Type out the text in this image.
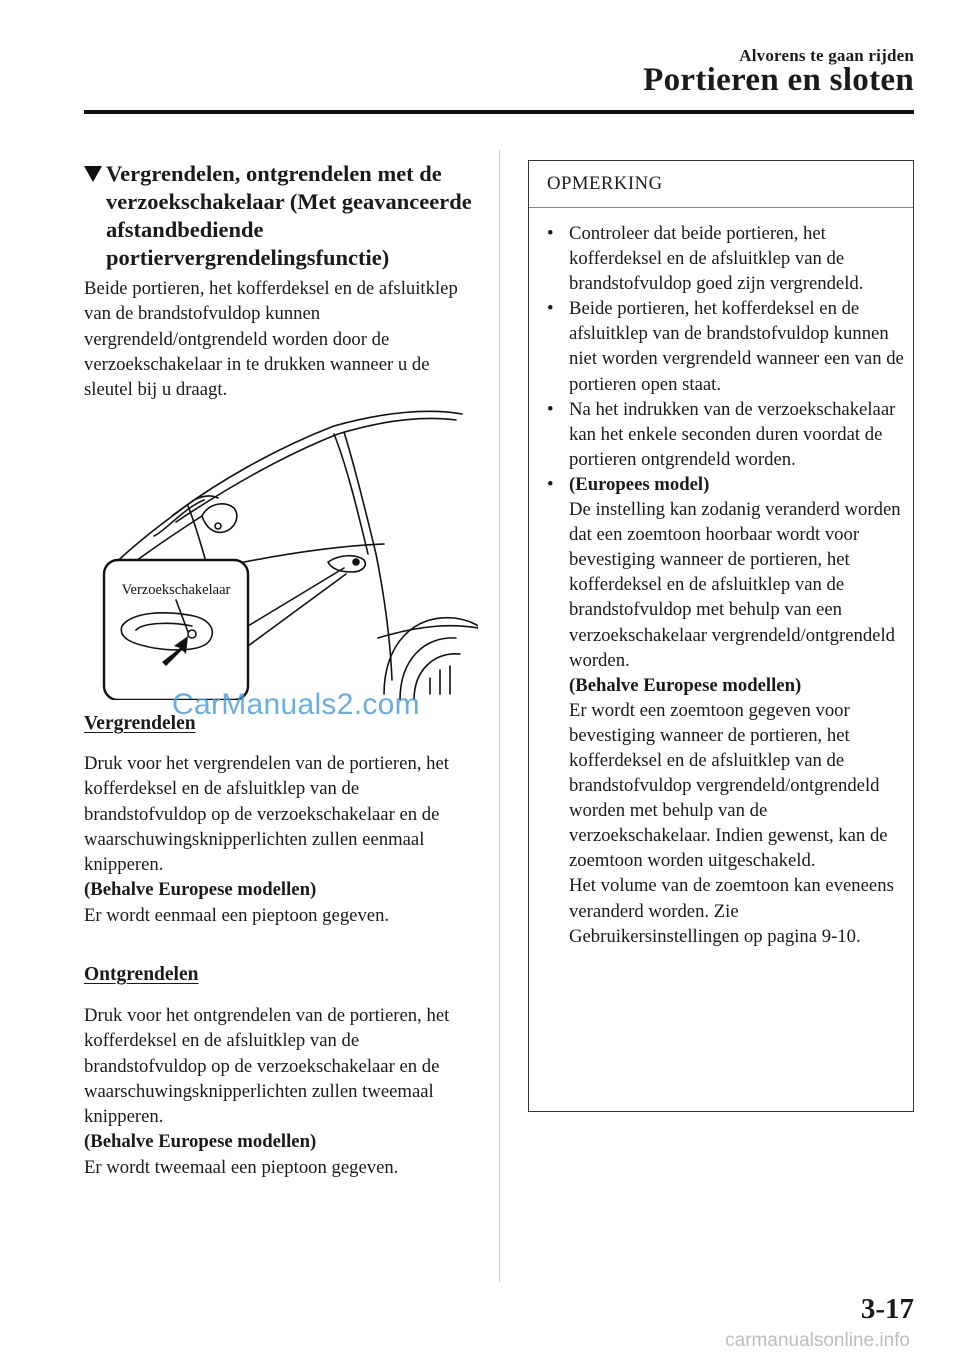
Alvorens te gaan rijden
Portieren en sloten
Vergrendelen, ontgrendelen met de verzoekschakelaar (Met geavanceerde afstandbediende portiervergrendelingsfunctie)
Beide portieren, het kofferdeksel en de afsluitklep van de brandstofvuldop kunnen vergrendeld/ontgrendeld worden door de verzoekschakelaar in te drukken wanneer u de sleutel bij u draagt.
Verzoekschakelaar
CarManuals2.com
Vergrendelen
Druk voor het vergrendelen van de portieren, het kofferdeksel en de afsluitklep van de brandstofvuldop op de verzoekschakelaar en de waarschuwingsknipperlichten zullen eenmaal knipperen.
(Behalve Europese modellen)
Er wordt eenmaal een pieptoon gegeven.
Ontgrendelen
Druk voor het ontgrendelen van de portieren, het kofferdeksel en de afsluitklep van de brandstofvuldop op de verzoekschakelaar en de waarschuwingsknipperlichten zullen tweemaal knipperen.
(Behalve Europese modellen)
Er wordt tweemaal een pieptoon gegeven.
OPMERKING
• Controleer dat beide portieren, het kofferdeksel en de afsluitklep van de brandstofvuldop goed zijn vergrendeld.
• Beide portieren, het kofferdeksel en de afsluitklep van de brandstofvuldop kunnen niet worden vergrendeld wanneer een van de portieren open staat.
• Na het indrukken van de verzoekschakelaar kan het enkele seconden duren voordat de portieren ontgrendeld worden.
• (Europees model)
De instelling kan zodanig veranderd worden dat een zoemtoon hoorbaar wordt voor bevestiging wanneer de portieren, het kofferdeksel en de afsluitklep van de brandstofvuldop met behulp van een verzoekschakelaar vergrendeld/ontgrendeld worden.
(Behalve Europese modellen)
Er wordt een zoemtoon gegeven voor bevestiging wanneer de portieren, het kofferdeksel en de afsluitklep van de brandstofvuldop vergrendeld/ontgrendeld worden met behulp van de verzoekschakelaar. Indien gewenst, kan de zoemtoon worden uitgeschakeld.
Het volume van de zoemtoon kan eveneens veranderd worden. Zie Gebruikersinstellingen op pagina 9-10.
3-17
carmanualsonline.info
